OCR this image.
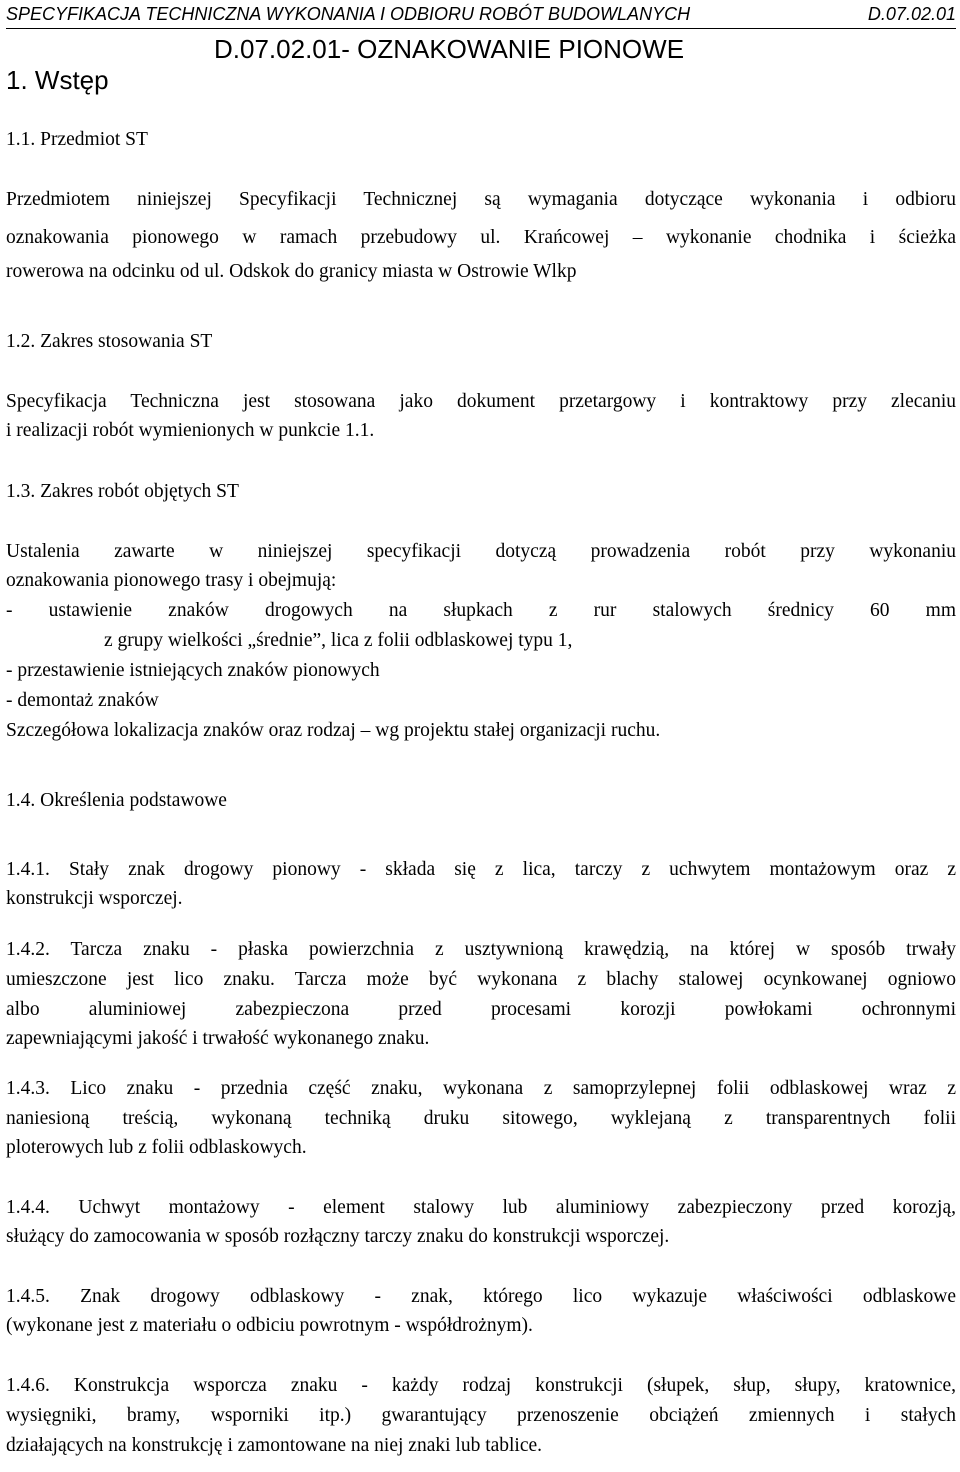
SPECYFIKACJA TECHNICZNA WYKONANIA I ODBIORU ROBÓT BUDOWLANYCH	D.07.02.01
D.07.02.01- OZNAKOWANIE PIONOWE
1. Wstęp

1.1. Przedmiot ST

Przedmiotem niniejszej Specyfikacji Technicznej są wymagania dotyczące wykonania i odbioru

oznakowania pionowego w ramach przebudowy ul. Krańcowej – wykonanie chodnika i ścieżka

rowerowa na odcinku od ul. Odskok do granicy miasta w Ostrowie Wlkp

1.2. Zakres stosowania ST

Specyfikacja Techniczna jest stosowana jako dokument przetargowy i kontraktowy przy zlecaniu

i realizacji robót wymienionych w punkcie 1.1.

1.3. Zakres robót objętych ST

Ustalenia zawarte w niniejszej specyfikacji dotyczą prowadzenia robót przy wykonaniu

oznakowania pionowego trasy i obejmują:

- ustawienie znaków drogowych na słupkach z rur stalowych średnicy 60 mm

z grupy wielkości „średnie”, lica z folii odblaskowej typu 1,

- przestawienie istniejących znaków pionowych

- demontaż znaków

Szczegółowa lokalizacja znaków oraz rodzaj – wg projektu stałej organizacji ruchu.

1.4. Określenia podstawowe

1.4.1. Stały znak drogowy pionowy - składa się z lica, tarczy z uchwytem montażowym oraz z

konstrukcji wsporczej.

1.4.2. Tarcza znaku - płaska powierzchnia z usztywnioną krawędzią, na której w sposób trwały

umieszczone jest lico znaku. Tarcza może być wykonana z blachy stalowej ocynkowanej ogniowo

albo aluminiowej zabezpieczona przed procesami korozji powłokami ochronnymi

zapewniającymi jakość i trwałość wykonanego znaku.

1.4.3. Lico znaku - przednia część znaku, wykonana z samoprzylepnej folii odblaskowej wraz z

naniesioną treścią, wykonaną techniką druku sitowego, wyklejaną z transparentnych folii

ploterowych lub z folii odblaskowych.

1.4.4. Uchwyt montażowy - element stalowy lub aluminiowy zabezpieczony przed korozją,

służący do zamocowania w sposób rozłączny tarczy znaku do konstrukcji wsporczej.

1.4.5. Znak drogowy odblaskowy - znak, którego lico wykazuje właściwości odblaskowe

(wykonane jest z materiału o odbiciu powrotnym - współdrożnym).

1.4.6. Konstrukcja wsporcza znaku - każdy rodzaj konstrukcji (słupek, słup, słupy, kratownice,

wysięgniki, bramy, wsporniki itp.) gwarantujący przenoszenie obciążeń zmiennych i stałych

działających na konstrukcję i zamontowane na niej znaki lub tablice.
